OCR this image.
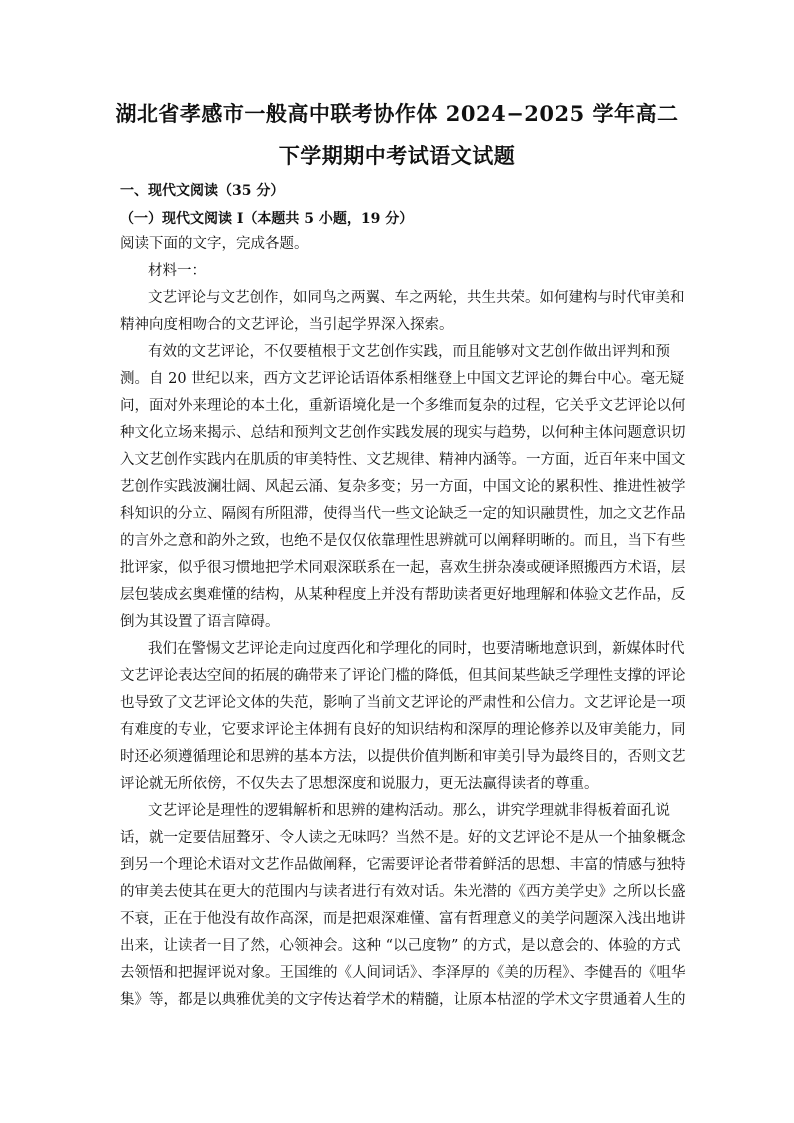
湖北省孝感市一般高中联考协作体 2024−2025 学年高二
下学期期中考试语文试题
一、现代文阅读（35 分）
（一）现代文阅读 I（本题共 5 小题，19 分）
阅读下面的文字，完成各题。
材料一：
文艺评论与文艺创作，如同鸟之两翼、车之两轮，共生共荣。如何建构与时代审美和
精神向度相吻合的文艺评论，当引起学界深入探索。
有效的文艺评论，不仅要植根于文艺创作实践，而且能够对文艺创作做出评判和预
测。自 20 世纪以来，西方文艺评论话语体系相继登上中国文艺评论的舞台中心。毫无疑
问，面对外来理论的本土化，重新语境化是一个多维而复杂的过程，它关乎文艺评论以何
种文化立场来揭示、总结和预判文艺创作实践发展的现实与趋势，以何种主体问题意识切
入文艺创作实践内在肌质的审美特性、文艺规律、精神内涵等。一方面，近百年来中国文
艺创作实践波澜壮阔、风起云涌、复杂多变；另一方面，中国文论的累积性、推进性被学
科知识的分立、隔阂有所阻滞，使得当代一些文论缺乏一定的知识融贯性，加之文艺作品
的言外之意和韵外之致，也绝不是仅仅依靠理性思辨就可以阐释明晰的。而且，当下有些
批评家，似乎很习惯地把学术同艰深联系在一起，喜欢生拼杂凑或硬译照搬西方术语，层
层包装成玄奥难懂的结构，从某种程度上并没有帮助读者更好地理解和体验文艺作品，反
倒为其设置了语言障碍。
我们在警惕文艺评论走向过度西化和学理化的同时，也要清晰地意识到，新媒体时代
文艺评论表达空间的拓展的确带来了评论门槛的降低，但其间某些缺乏学理性支撑的评论
也导致了文艺评论文体的失范，影响了当前文艺评论的严肃性和公信力。文艺评论是一项
有难度的专业，它要求评论主体拥有良好的知识结构和深厚的理论修养以及审美能力，同
时还必须遵循理论和思辨的基本方法，以提供价值判断和审美引导为最终目的，否则文艺
评论就无所依傍，不仅失去了思想深度和说服力，更无法赢得读者的尊重。
文艺评论是理性的逻辑解析和思辨的建构活动。那么，讲究学理就非得板着面孔说
话，就一定要佶屈聱牙、令人读之无味吗？当然不是。好的文艺评论不是从一个抽象概念
到另一个理论术语对文艺作品做阐释，它需要评论者带着鲜活的思想、丰富的情感与独特
的审美去使其在更大的范围内与读者进行有效对话。朱光潜的《西方美学史》之所以长盛
不衰，正在于他没有故作高深，而是把艰深难懂、富有哲理意义的美学问题深入浅出地讲
出来，让读者一目了然，心领神会。这种 “以己度物” 的方式，是以意会的、体验的方式
去领悟和把握评说对象。王国维的《人间词话》、李泽厚的《美的历程》、李健吾的《咀华
集》等，都是以典雅优美的文字传达着学术的精髓，让原本枯涩的学术文字贯通着人生的
